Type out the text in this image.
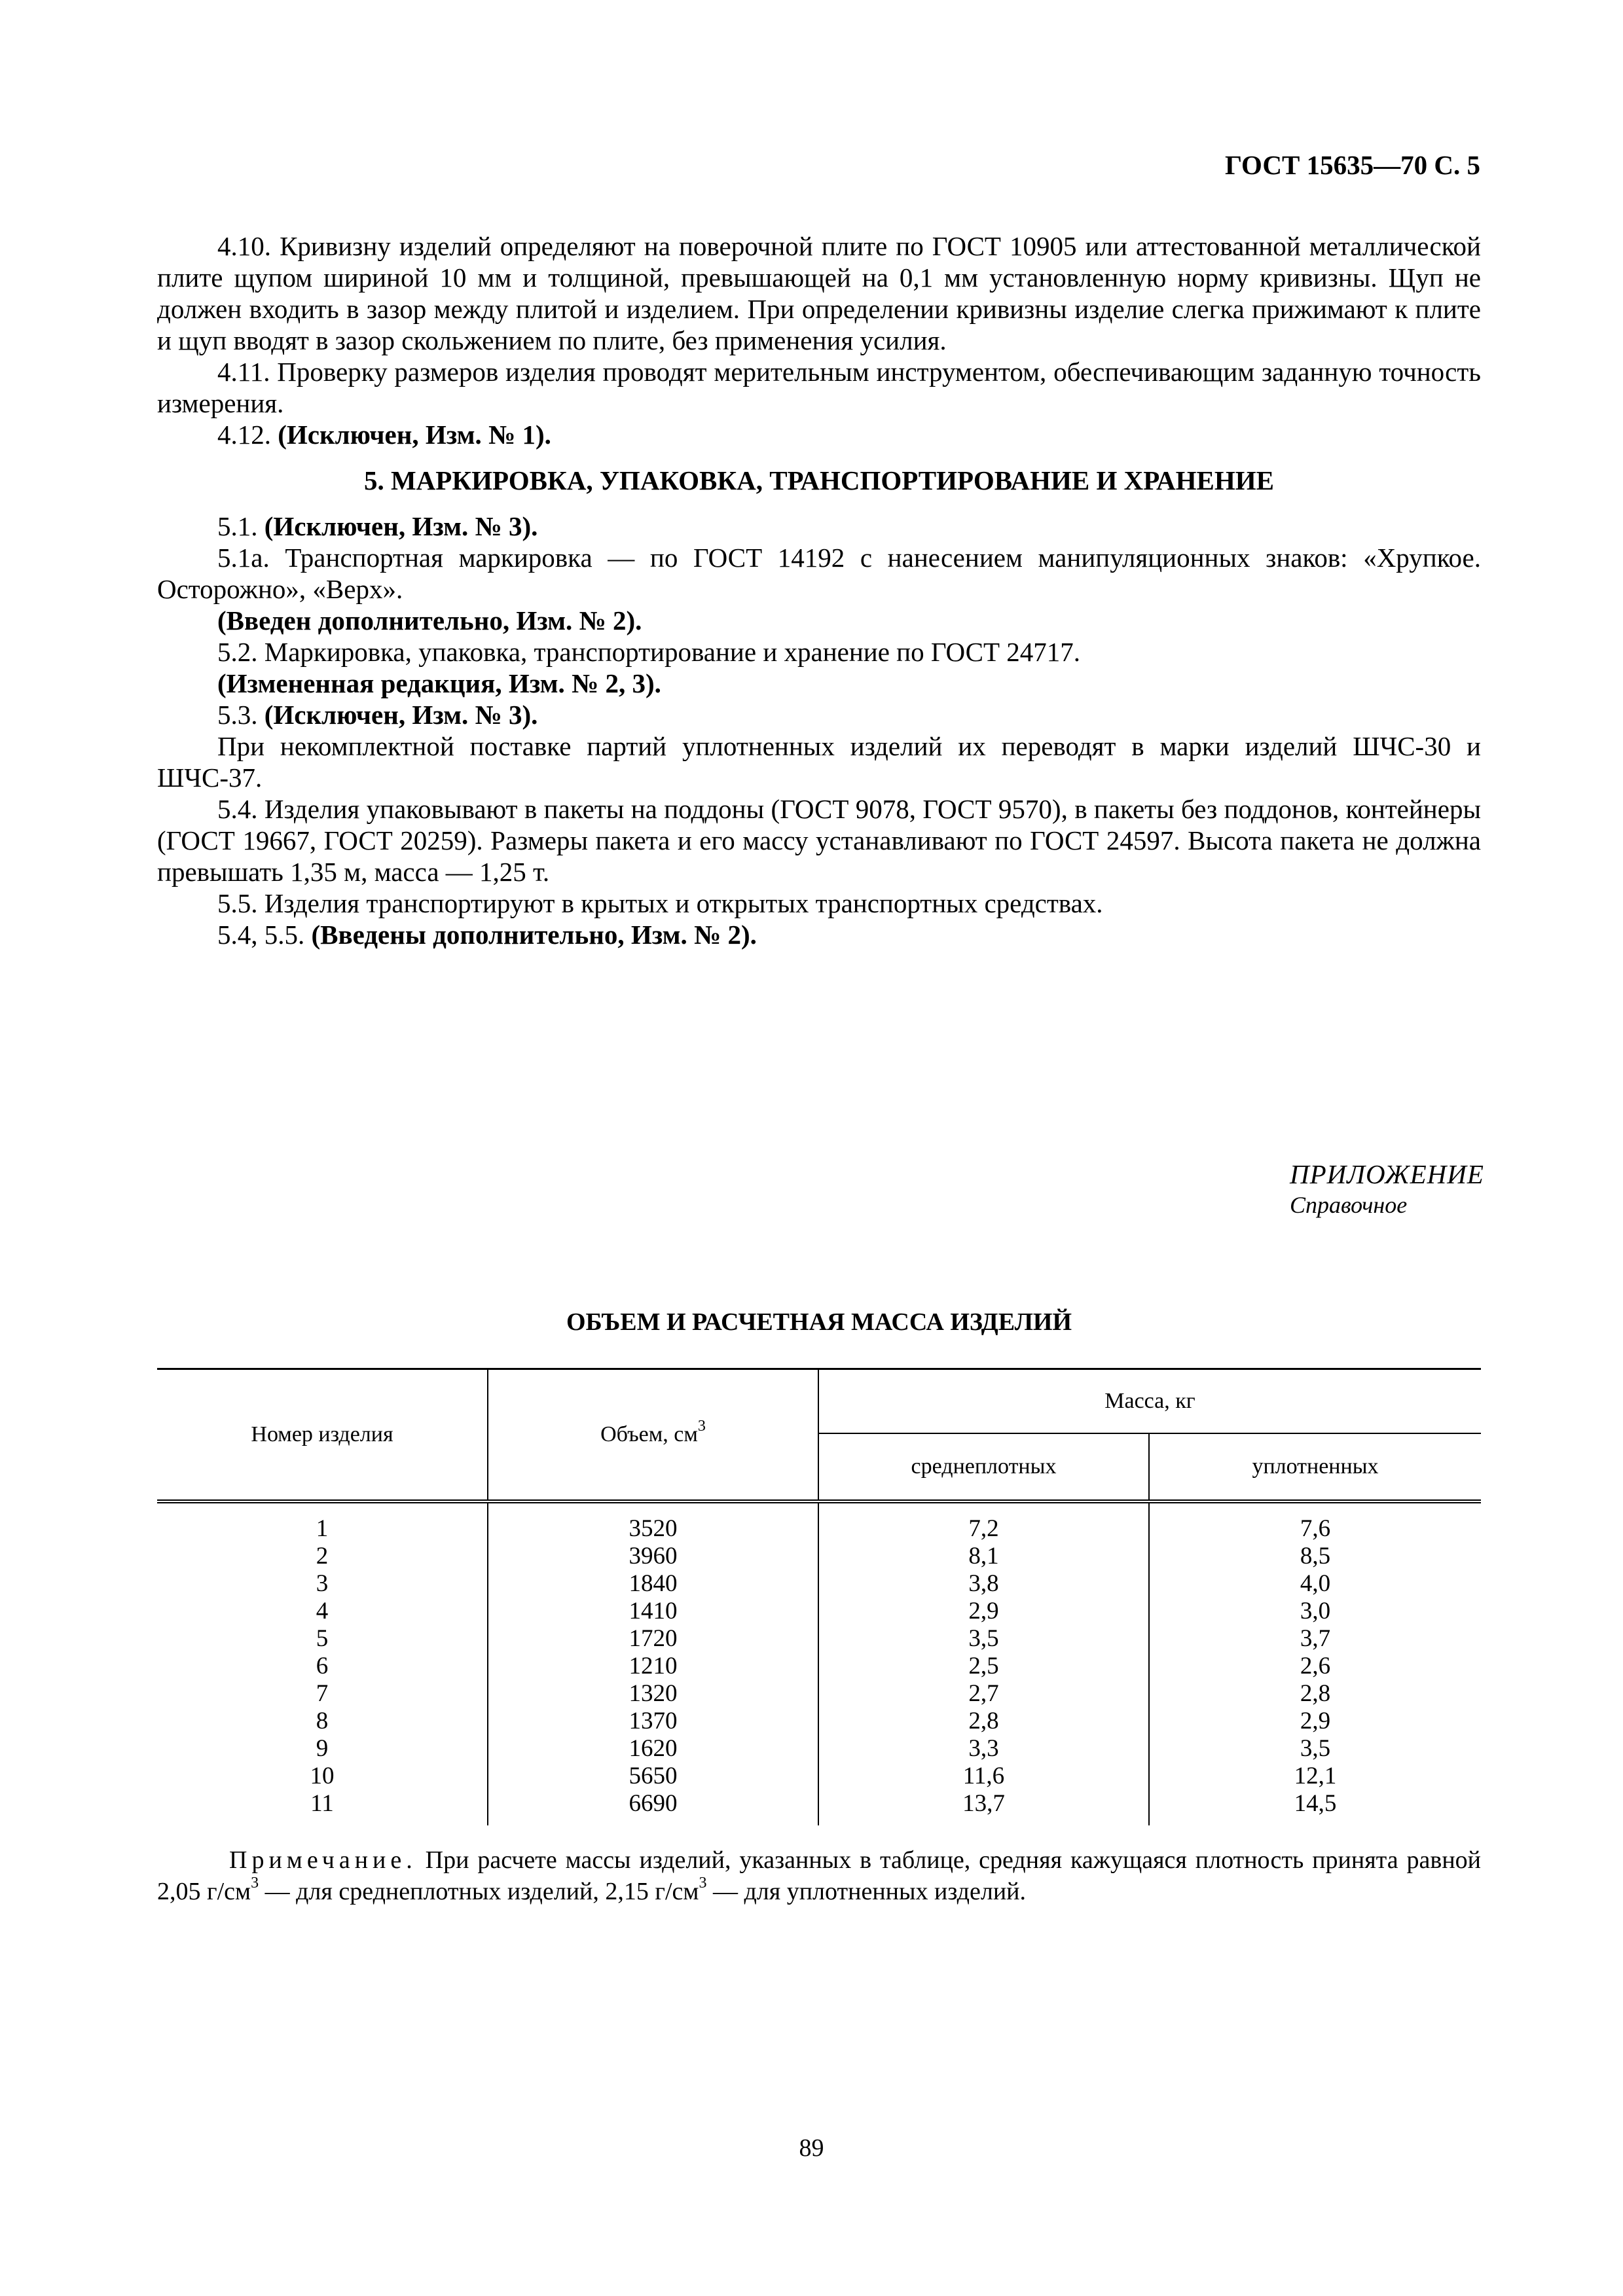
ГОСТ 15635—70 С. 5

4.10. Кривизну изделий определяют на поверочной плите по ГОСТ 10905 или аттестованной металлической плите щупом шириной 10 мм и толщиной, превышающей на 0,1 мм установленную норму кривизны. Щуп не должен входить в зазор между плитой и изделием. При определении кривизны изделие слегка прижимают к плите и щуп вводят в зазор скольжением по плите, без применения усилия.

4.11. Проверку размеров изделия проводят мерительным инструментом, обеспечивающим заданную точность измерения.

4.12. (Исключен, Изм. № 1).

5. МАРКИРОВКА, УПАКОВКА, ТРАНСПОРТИРОВАНИЕ И ХРАНЕНИЕ

5.1. (Исключен, Изм. № 3).

5.1а. Транспортная маркировка — по ГОСТ 14192 с нанесением манипуляционных знаков: «Хрупкое. Осторожно», «Верх».

(Введен дополнительно, Изм. № 2).

5.2. Маркировка, упаковка, транспортирование и хранение по ГОСТ 24717.

(Измененная редакция, Изм. № 2, 3).

5.3. (Исключен, Изм. № 3).

При некомплектной поставке партий уплотненных изделий их переводят в марки изделий ШЧС-30 и ШЧС-37.

5.4. Изделия упаковывают в пакеты на поддоны (ГОСТ 9078, ГОСТ 9570), в пакеты без поддонов, контейнеры (ГОСТ 19667, ГОСТ 20259). Размеры пакета и его массу устанавливают по ГОСТ 24597. Высота пакета не должна превышать 1,35 м, масса — 1,25 т.

5.5. Изделия транспортируют в крытых и открытых транспортных средствах.

5.4, 5.5. (Введены дополнительно, Изм. № 2).

ПРИЛОЖЕНИЕ
Справочное
ОБЪЕМ И РАСЧЕТНАЯ МАССА ИЗДЕЛИЙ
Номер изделия	Объем, $см^3$	Масса, кг	
		среднеплотных	уплотненных
1	3520	7,2	7,6
2	3960	8,1	8,5
3	1840	3,8	4,0
4	1410	2,9	3,0
5	1720	3,5	3,7
6	1210	2,5	2,6
7	1320	2,7	2,8
8	1370	2,8	2,9
9	1620	3,3	3,5
10	5650	11,6	12,1
11	6690	13,7	14,5

Примечание. При расчете массы изделий, указанных в таблице, средняя кажущаяся плотность принята равной 2,05 $г/см^3$ — для среднеплотных изделий, 2,15 $г/см^3$ — для уплотненных изделий.

89
